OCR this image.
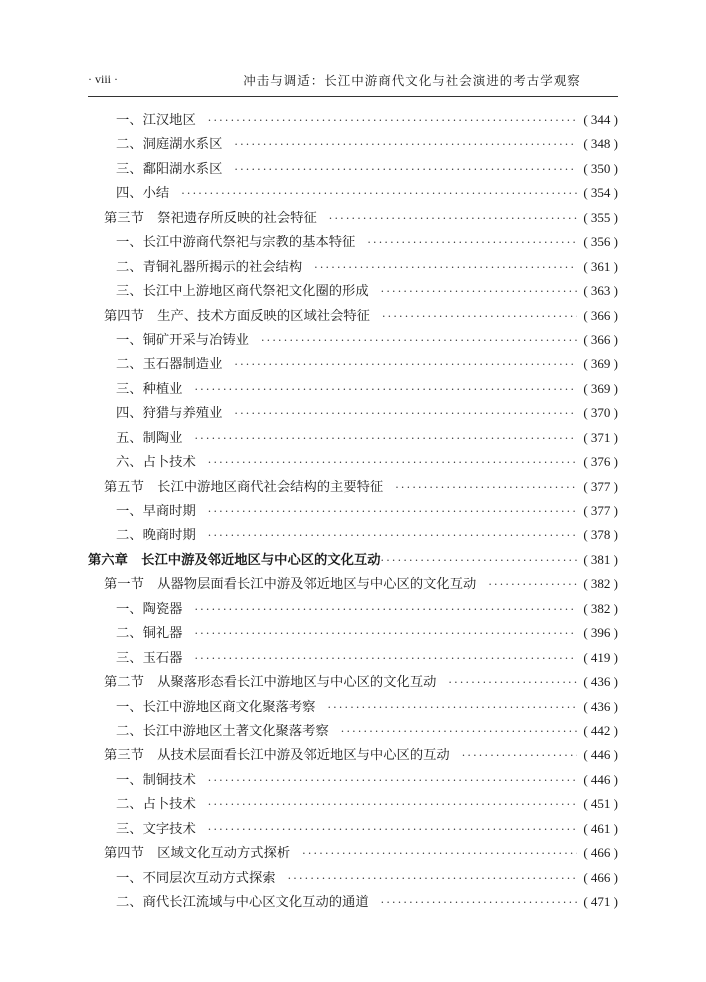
· viii ·	冲击与调适：长江中游商代文化与社会演进的考古学观察
一、江汉地区 ·····	( 344 )
二、洞庭湖水系区 ·····	( 348 )
三、鄱阳湖水系区 ·····	( 350 )
四、小结 ·····	( 354 )
第三节　祭祀遗存所反映的社会特征 ·····	( 355 )
一、长江中游商代祭祀与宗教的基本特征 ·····	( 356 )
二、青铜礼器所揭示的社会结构 ·····	( 361 )
三、长江中上游地区商代祭祀文化圈的形成 ·····	( 363 )
第四节　生产、技术方面反映的区域社会特征 ·····	( 366 )
一、铜矿开采与冶铸业 ·····	( 366 )
二、玉石器制造业 ·····	( 369 )
三、种植业 ·····	( 369 )
四、狩猎与养殖业 ·····	( 370 )
五、制陶业 ·····	( 371 )
六、占卜技术 ·····	( 376 )
第五节　长江中游地区商代社会结构的主要特征 ·····	( 377 )
一、早商时期 ·····	( 377 )
二、晚商时期 ·····	( 378 )
第六章　长江中游及邻近地区与中心区的文化互动 ·····	( 381 )
第一节　从器物层面看长江中游及邻近地区与中心区的文化互动 ·····	( 382 )
一、陶瓷器 ·····	( 382 )
二、铜礼器 ·····	( 396 )
三、玉石器 ·····	( 419 )
第二节　从聚落形态看长江中游地区与中心区的文化互动 ·····	( 436 )
一、长江中游地区商文化聚落考察 ·····	( 436 )
二、长江中游地区土著文化聚落考察 ·····	( 442 )
第三节　从技术层面看长江中游及邻近地区与中心区的互动 ·····	( 446 )
一、制铜技术 ·····	( 446 )
二、占卜技术 ·····	( 451 )
三、文字技术 ·····	( 461 )
第四节　区域文化互动方式探析 ·····	( 466 )
一、不同层次互动方式探索 ·····	( 466 )
二、商代长江流域与中心区文化互动的通道 ·····	( 471 )
